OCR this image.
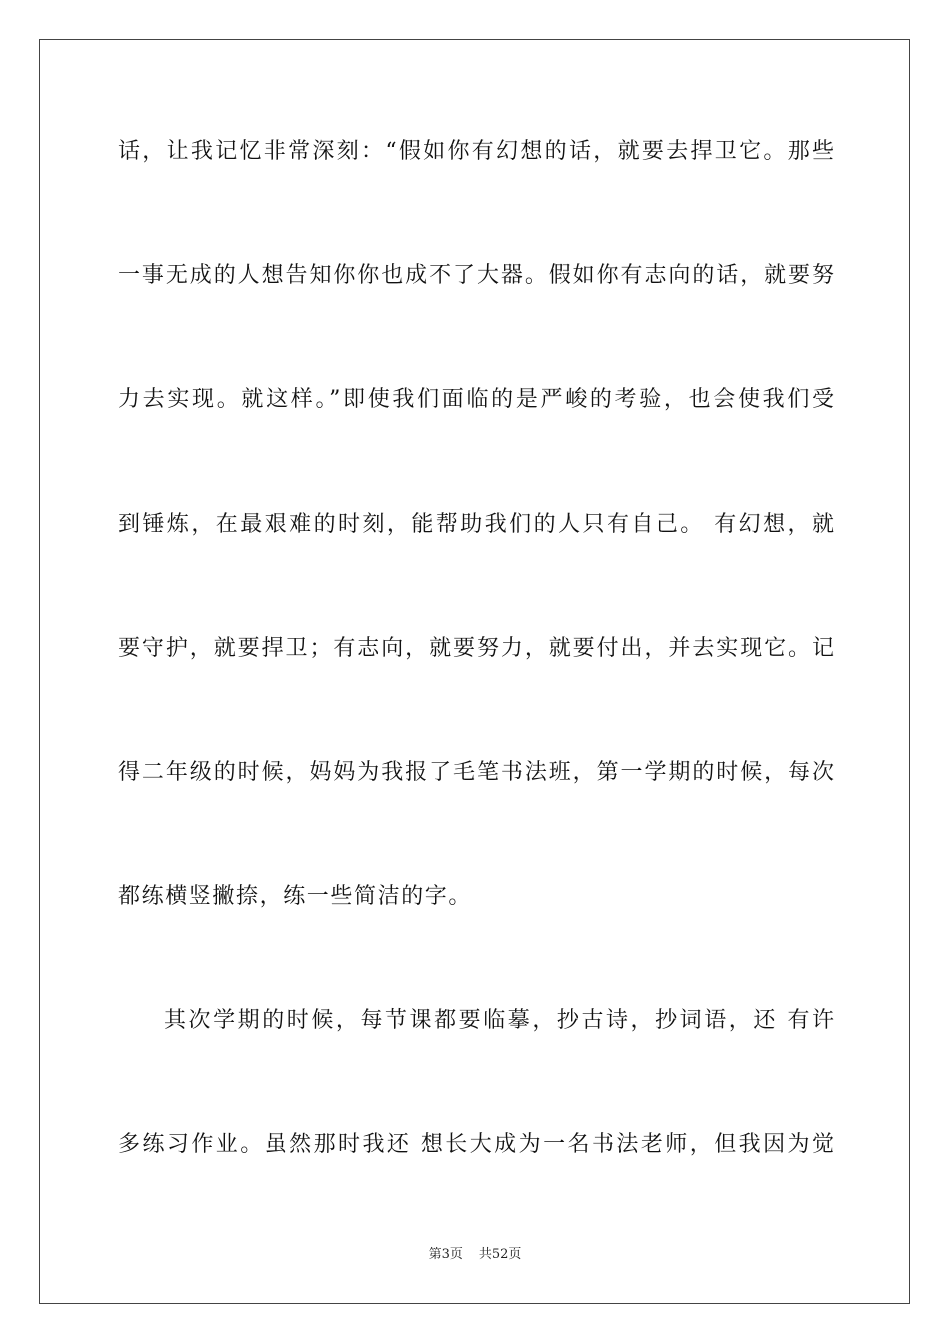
话，让我记忆非常深刻：“假如你有幻想的话，就要去捍卫它。那些
一事无成的人想告知你你也成不了大器。假如你有志向的话，就要努
力去实现。就这样。”即使我们面临的是严峻的考验，也会使我们受
到锤炼，在最艰难的时刻，能帮助我们的人只有自己。 有幻想，就
要守护，就要捍卫；有志向，就要努力，就要付出，并去实现它。记
得二年级的时候，妈妈为我报了毛笔书法班，第一学期的时候，每次
都练横竖撇捺，练一些简洁的字。
其次学期的时候，每节课都要临摹，抄古诗，抄词语，还 有许
多练习作业。虽然那时我还 想长大成为一名书法老师，但我因为觉
第3页 共52页
